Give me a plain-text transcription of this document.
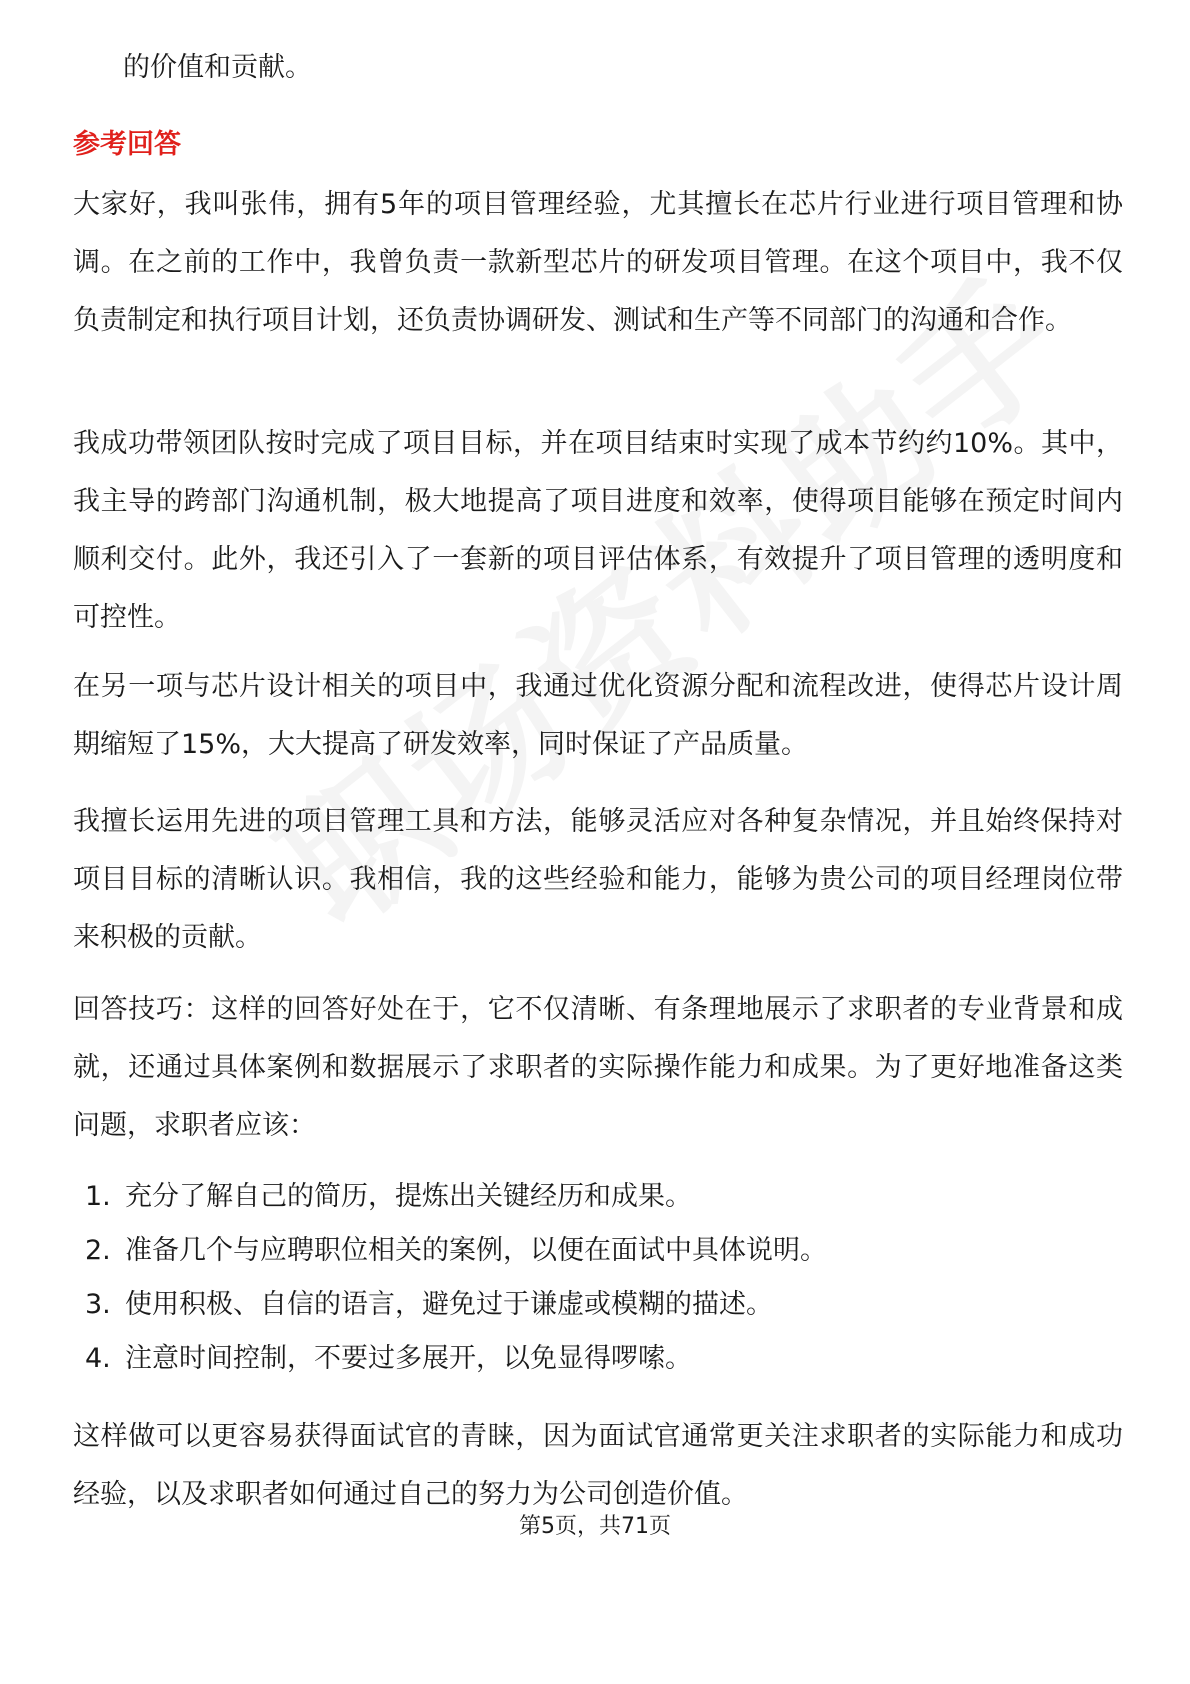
的价值和贡献。

参考回答

大家好，我叫张伟，拥有5年的项目管理经验，尤其擅长在芯片行业进行项目管理和协调。在之前的工作中，我曾负责一款新型芯片的研发项目管理。在这个项目中，我不仅负责制定和执行项目计划，还负责协调研发、测试和生产等不同部门的沟通和合作。

我成功带领团队按时完成了项目目标，并在项目结束时实现了成本节约约10%。其中，我主导的跨部门沟通机制，极大地提高了项目进度和效率，使得项目能够在预定时间内顺利交付。此外，我还引入了一套新的项目评估体系，有效提升了项目管理的透明度和可控性。

在另一项与芯片设计相关的项目中，我通过优化资源分配和流程改进，使得芯片设计周期缩短了15%，大大提高了研发效率，同时保证了产品质量。

我擅长运用先进的项目管理工具和方法，能够灵活应对各种复杂情况，并且始终保持对项目目标的清晰认识。我相信，我的这些经验和能力，能够为贵公司的项目经理岗位带来积极的贡献。

回答技巧：这样的回答好处在于，它不仅清晰、有条理地展示了求职者的专业背景和成就，还通过具体案例和数据展示了求职者的实际操作能力和成果。为了更好地准备这类问题，求职者应该：

1. 充分了解自己的简历，提炼出关键经历和成果。
2. 准备几个与应聘职位相关的案例，以便在面试中具体说明。
3. 使用积极、自信的语言，避免过于谦虚或模糊的描述。
4. 注意时间控制，不要过多展开，以免显得啰嗦。

这样做可以更容易获得面试官的青睐，因为面试官通常更关注求职者的实际能力和成功经验，以及求职者如何通过自己的努力为公司创造价值。

第5页，共71页
